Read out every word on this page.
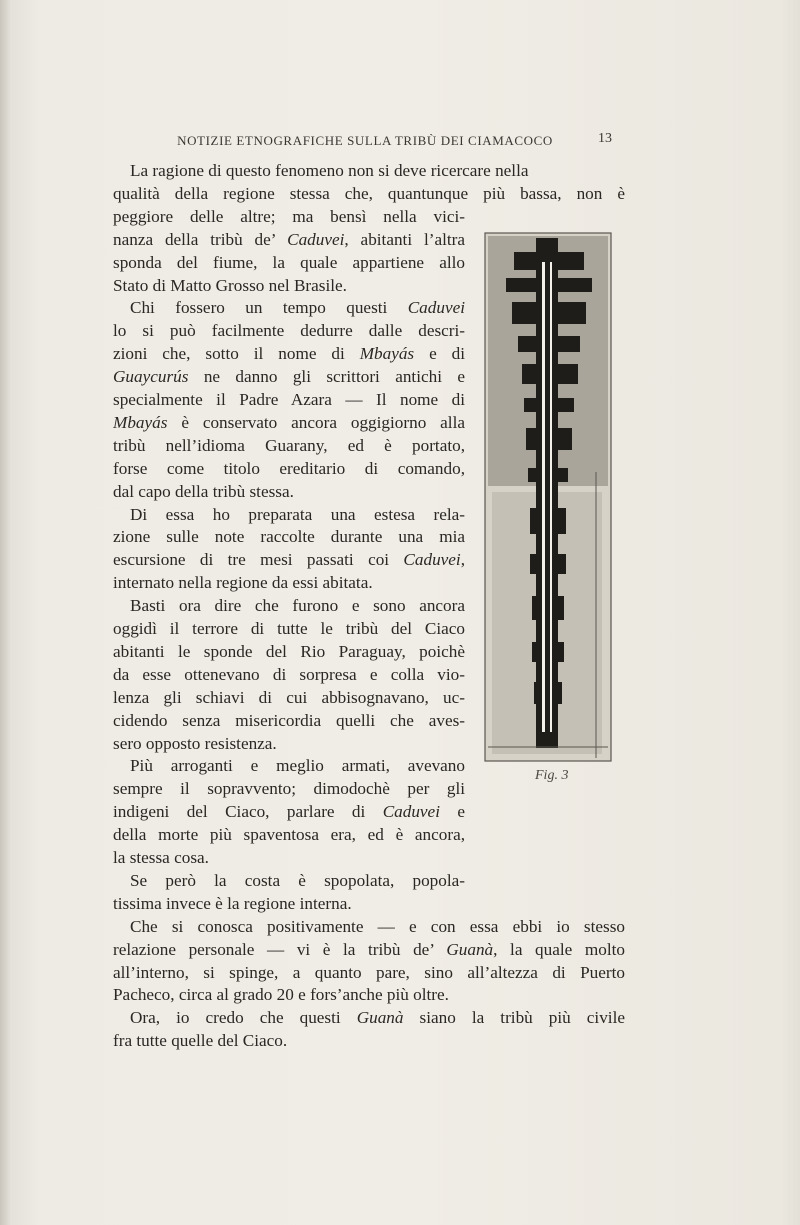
NOTIZIE ETNOGRAFICHE SULLA TRIBÙ DEI CIAMACOCO	13
La ragione di questo fenomeno non si deve ricercare nella
qualità della regione stessa che, quantunque più bassa, non è
peggiore delle altre; ma bensì nella vici-
nanza della tribù de’ Caduvei, abitanti l’altra
sponda del fiume, la quale appartiene allo
Stato di Matto Grosso nel Brasile.
Chi fossero un tempo questi Caduvei
lo si può facilmente dedurre dalle descri-
zioni che, sotto il nome di Mbayás e di
Guaycurús ne danno gli scrittori antichi e
specialmente il Padre Azara — Il nome di
Mbayás è conservato ancora oggigiorno alla
tribù nell’idioma Guarany, ed è portato,
forse come titolo ereditario di comando,
dal capo della tribù stessa.
Di essa ho preparata una estesa rela-
zione sulle note raccolte durante una mia
escursione di tre mesi passati coi Caduvei,
internato nella regione da essi abitata.
Basti ora dire che furono e sono ancora
oggidì il terrore di tutte le tribù del Ciaco
abitanti le sponde del Rio Paraguay, poichè
da esse ottenevano di sorpresa e colla vio-
lenza gli schiavi di cui abbisognavano, uc-
cidendo senza misericordia quelli che aves-
sero opposto resistenza.
Più arroganti e meglio armati, avevano
sempre il sopravvento; dimodochè per gli
indigeni del Ciaco, parlare di Caduvei e
della morte più spaventosa era, ed è ancora,
la stessa cosa.
Se però la costa è spopolata, popola-
tissima invece è la regione interna.
Che si conosca positivamente — e con essa ebbi io stesso
relazione personale — vi è la tribù de’ Guanà, la quale molto
all’interno, si spinge, a quanto pare, sino all’altezza di Puerto
Pacheco, circa al grado 20 e fors’anche più oltre.
Ora, io credo che questi Guanà siano la tribù più civile
fra tutte quelle del Ciaco.
Fig. 3
